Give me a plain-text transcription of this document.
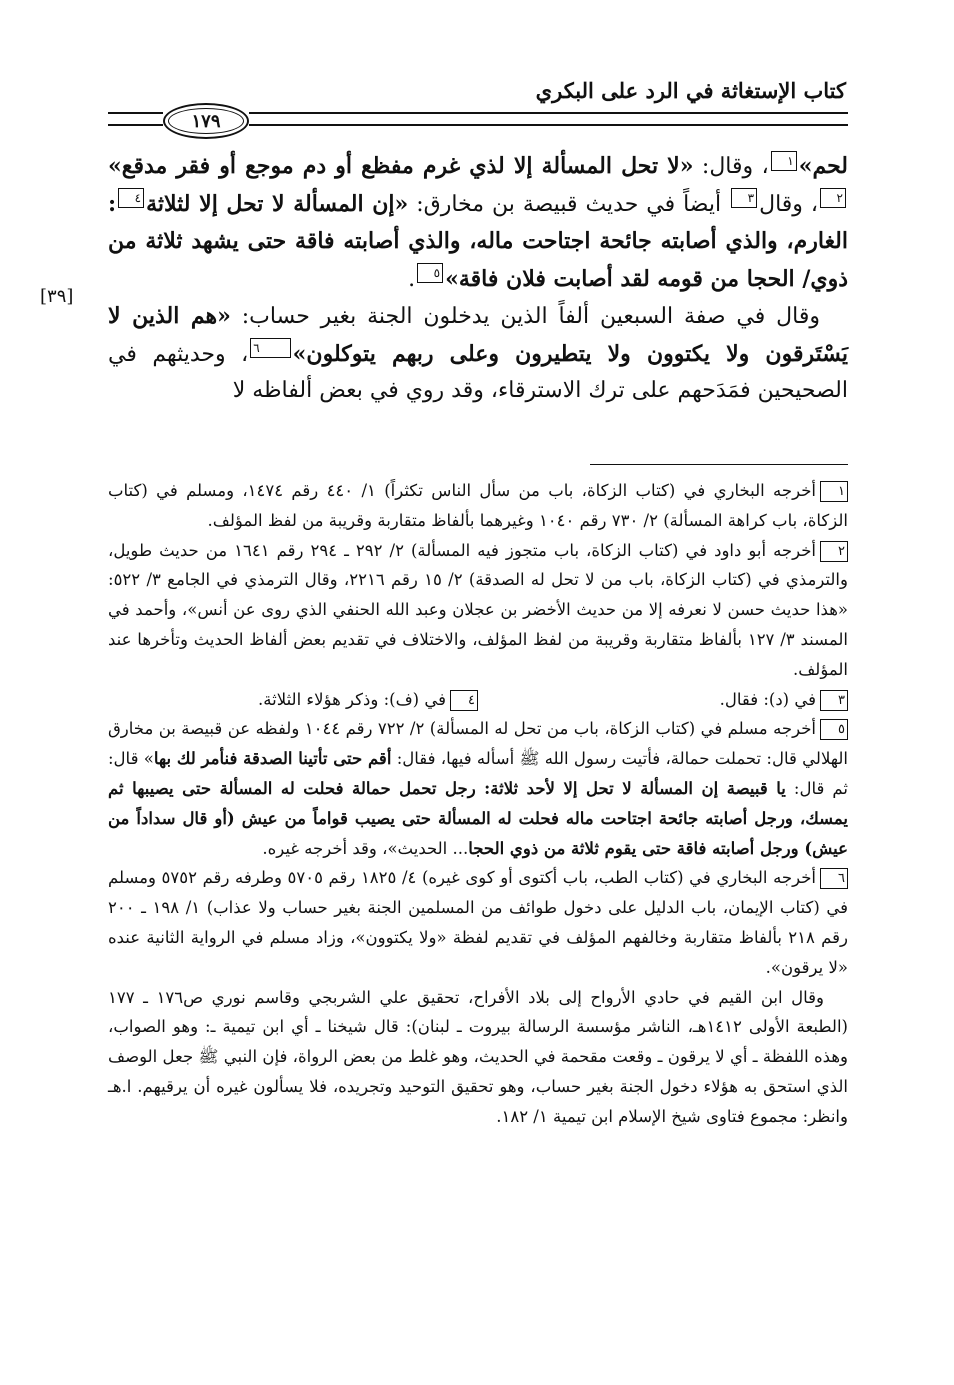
كتاب الإستغاثة في الرد على البكري
١٧٩
[٣٩]

لحم»١، وقال: «لا تحل المسألة إلا لذي غرم مفظع أو دم موجع أو فقر مدقع»٢، وقال٣ أيضاً في حديث قبيصة بن مخارق: «إن المسألة لا تحل إلا لثلاثة٤: الغارم، والذي أصابته جائحة اجتاحت ماله، والذي أصابته فاقة حتى يشهد ثلاثة من ذوي/ الحجا من قومه لقد أصابت فلان فاقة»٥.

وقال في صفة السبعين ألفاً الذين يدخلون الجنة بغير حساب: «هم الذين لا يَسْتَرقون ولا يكتوون ولا يتطيرون وعلى ربهم يتوكلون»٦، وحديثهم في الصحيحين فمَدَحهم على ترك الاسترقاء، وقد روي في بعض ألفاظه لا

١أخرجه البخاري في (كتاب الزكاة، باب من سأل الناس تكثراً) ١/ ٤٤٠ رقم ١٤٧٤، ومسلم في (كتاب الزكاة، باب كراهة المسألة) ٢/ ٧٣٠ رقم ١٠٤٠ وغيرهما بألفاظ متقاربة وقريبة من لفظ المؤلف.

٢أخرجه أبو داود في (كتاب الزكاة، باب متجوز فيه المسألة) ٢/ ٢٩٢ ـ ٢٩٤ رقم ١٦٤١ من حديث طويل، والترمذي في (كتاب الزكاة، باب من لا تحل له الصدقة) ٢/ ١٥ رقم ٢٢١٦، وقال الترمذي في الجامع ٣/ ٥٢٢: «هذا حديث حسن لا نعرفه إلا من حديث الأخضر بن عجلان وعبد الله الحنفي الذي روى عن أنس»، وأحمد في المسند ٣/ ١٢٧ بألفاظ متقاربة وقريبة من لفظ المؤلف، والاختلاف في تقديم بعض ألفاظ الحديث وتأخرها عند المؤلف.

٣في (د): فقال.
٤في (ف): وذكر هؤلاء الثلاثة.

٥أخرجه مسلم في (كتاب الزكاة، باب من تحل له المسألة) ٢/ ٧٢٢ رقم ١٠٤٤ ولفظه عن قبيصة بن مخارق الهلالي قال: تحملت حمالة، فأتيت رسول الله ﷺ أسأله فيها، فقال: أقم حتى تأتينا الصدقة فنأمر لك بها» قال: ثم قال: يا قبيصة إن المسألة لا تحل إلا لأحد ثلاثة: رجل تحمل حمالة فحلت له المسألة حتى يصيبها ثم يمسك، ورجل أصابته جائحة اجتاحت ماله فحلت له المسألة حتى يصيب قواماً من عيش (أو قال سداداً من عيش) ورجل أصابته فاقة حتى يقوم ثلاثة من ذوي الحجا... الحديث»، وقد أخرجه غيره.

٦أخرجه البخاري في (كتاب الطب، باب أكتوى أو كوى غيره) ٤/ ١٨٢٥ رقم ٥٧٠٥ وطرفه رقم ٥٧٥٢ ومسلم في (كتاب الإيمان، باب الدليل على دخول طوائف من المسلمين الجنة بغير حساب ولا عذاب) ١/ ١٩٨ ـ ٢٠٠ رقم ٢١٨ بألفاظ متقاربة وخالفهم المؤلف في تقديم لفظة «ولا يكتوون»، وزاد مسلم في الرواية الثانية عنده «لا يرقون».

وقال ابن القيم في حادي الأرواح إلى بلاد الأفراح، تحقيق علي الشربجي وقاسم نوري ص١٧٦ ـ ١٧٧ (الطبعة الأولى ١٤١٢هـ، الناشر مؤسسة الرسالة بيروت ـ لبنان): قال شيخنا ـ أي ابن تيمية ـ: وهو الصواب، وهذه اللفظة ـ أي لا يرقون ـ وقعت مقحمة في الحديث، وهو غلط من بعض الرواة، فإن النبي ﷺ جعل الوصف الذي استحق به هؤلاء دخول الجنة بغير حساب، وهو تحقيق التوحيد وتجريده، فلا يسألون غيره أن يرقيهم. ا.هـ وانظر: مجموع فتاوى شيخ الإسلام ابن تيمية ١/ ١٨٢.
